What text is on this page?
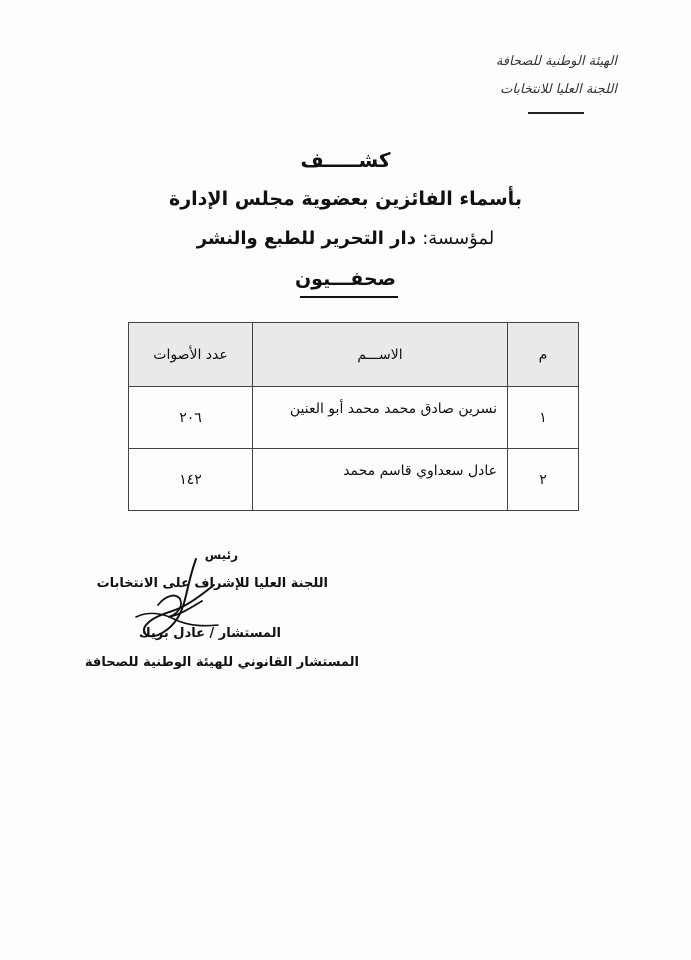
الهيئة الوطنية للصحافة
اللجنة العليا للانتخابات
كشـــــف
بأسماء الفائزين بعضوية مجلس الإدارة
لمؤسسة: دار التحرير للطبع والنشر
صحفـــيون
م	الاســـم	عدد الأصوات
١	نسرين صادق محمد محمد أبو العنين	٢٠٦
٢	عادل سعداوي قاسم محمد	١٤٢
رئيس
اللجنة العليا للإشراف على الانتخابات
المستشار / عادل بريك
المستشار القانوني للهيئة الوطنية للصحافة
